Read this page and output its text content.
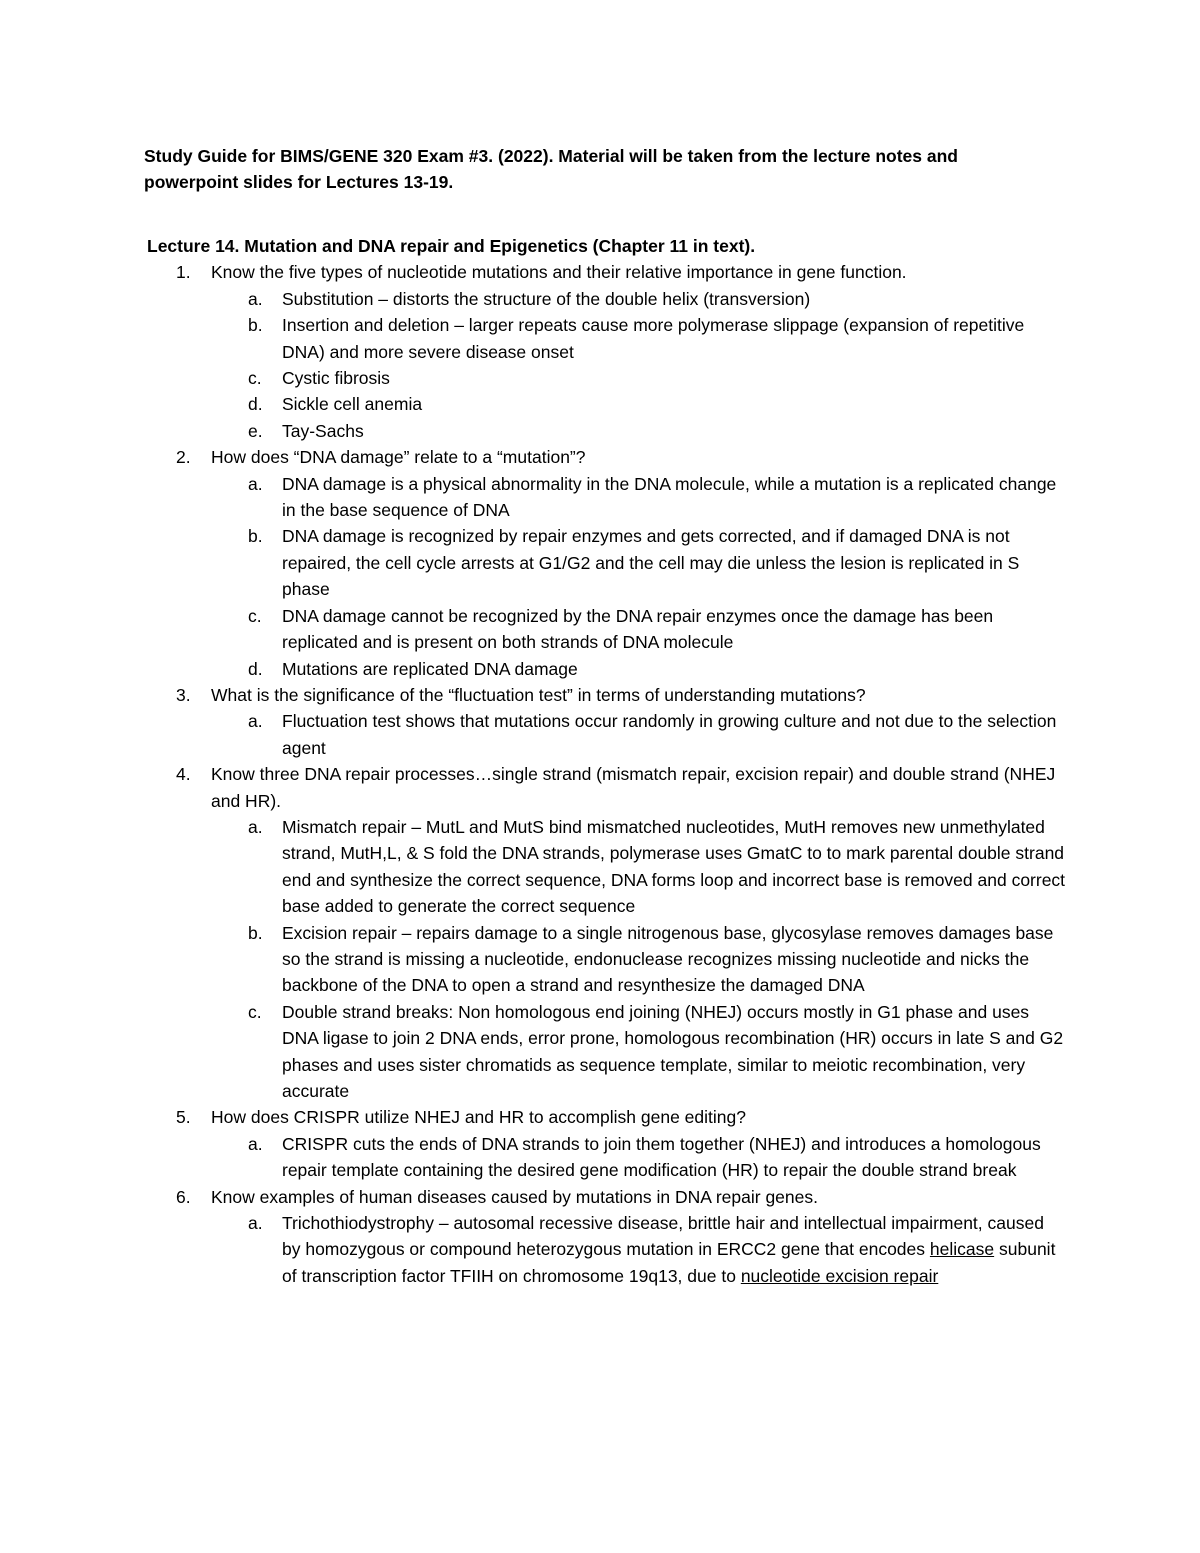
Study Guide for BIMS/GENE 320 Exam #3. (2022). Material will be taken from the lecture notes and

powerpoint slides for Lectures 13-19.

Lecture 14. Mutation and DNA repair and Epigenetics (Chapter 11 in text).

1. Know the five types of nucleotide mutations and their relative importance in gene function.
a. Substitution – distorts the structure of the double helix (transversion)
b. Insertion and deletion – larger repeats cause more polymerase slippage (expansion of repetitive DNA) and more severe disease onset
c. Cystic fibrosis
d. Sickle cell anemia
e. Tay-Sachs
2. How does “DNA damage” relate to a “mutation”?
a. DNA damage is a physical abnormality in the DNA molecule, while a mutation is a replicated change in the base sequence of DNA
b. DNA damage is recognized by repair enzymes and gets corrected, and if damaged DNA is not repaired, the cell cycle arrests at G1/G2 and the cell may die unless the lesion is replicated in S phase
c. DNA damage cannot be recognized by the DNA repair enzymes once the damage has been replicated and is present on both strands of DNA molecule
d. Mutations are replicated DNA damage
3. What is the significance of the “fluctuation test” in terms of understanding mutations?
a. Fluctuation test shows that mutations occur randomly in growing culture and not due to the selection agent
4. Know three DNA repair processes…single strand (mismatch repair, excision repair) and double strand (NHEJ and HR).
a. Mismatch repair – MutL and MutS bind mismatched nucleotides, MutH removes new unmethylated strand, MutH,L, & S fold the DNA strands, polymerase uses GmatC to to mark parental double strand end and synthesize the correct sequence, DNA forms loop and incorrect base is removed and correct base added to generate the correct sequence
b. Excision repair – repairs damage to a single nitrogenous base, glycosylase removes damages base so the strand is missing a nucleotide, endonuclease recognizes missing nucleotide and nicks the backbone of the DNA to open a strand and resynthesize the damaged DNA
c. Double strand breaks: Non homologous end joining (NHEJ) occurs mostly in G1 phase and uses DNA ligase to join 2 DNA ends, error prone, homologous recombination (HR) occurs in late S and G2 phases and uses sister chromatids as sequence template, similar to meiotic recombination, very accurate
5. How does CRISPR utilize NHEJ and HR to accomplish gene editing?
a. CRISPR cuts the ends of DNA strands to join them together (NHEJ) and introduces a homologous repair template containing the desired gene modification (HR) to repair the double strand break
6. Know examples of human diseases caused by mutations in DNA repair genes.
a. Trichothiodystrophy – autosomal recessive disease, brittle hair and intellectual impairment, caused by homozygous or compound heterozygous mutation in ERCC2 gene that encodes helicase subunit of transcription factor TFIIH on chromosome 19q13, due to nucleotide excision repair
